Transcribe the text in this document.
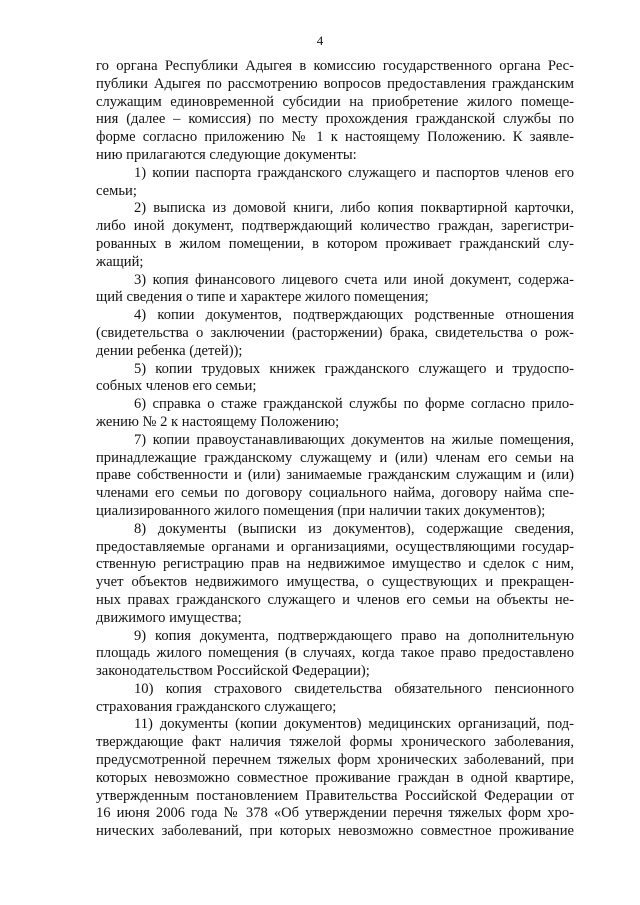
4
го органа Республики Адыгея в комиссию государственного органа Рес-
публики Адыгея по рассмотрению вопросов предоставления гражданским
служащим единовременной субсидии на приобретение жилого помеще-
ния (далее – комиссия) по месту прохождения гражданской службы по
форме согласно приложению № 1 к настоящему Положению. К заявле-
нию прилагаются следующие документы:
1) копии паспорта гражданского служащего и паспортов членов его
семьи;
2) выписка из домовой книги, либо копия поквартирной карточки,
либо иной документ, подтверждающий количество граждан, зарегистри-
рованных в жилом помещении, в котором проживает гражданский слу-
жащий;
3) копия финансового лицевого счета или иной документ, содержа-
щий сведения о типе и характере жилого помещения;
4) копии документов, подтверждающих родственные отношения
(свидетельства о заключении (расторжении) брака, свидетельства о рож-
дении ребенка (детей));
5) копии трудовых книжек гражданского служащего и трудоспо-
собных членов его семьи;
6) справка о стаже гражданской службы по форме согласно прило-
жению № 2 к настоящему Положению;
7) копии правоустанавливающих документов на жилые помещения,
принадлежащие гражданскому служащему и (или) членам его семьи на
праве собственности и (или) занимаемые гражданским служащим и (или)
членами его семьи по договору социального найма, договору найма спе-
циализированного жилого помещения (при наличии таких документов);
8) документы (выписки из документов), содержащие сведения,
предоставляемые органами и организациями, осуществляющими государ-
ственную регистрацию прав на недвижимое имущество и сделок с ним,
учет объектов недвижимого имущества, о существующих и прекращен-
ных правах гражданского служащего и членов его семьи на объекты не-
движимого имущества;
9) копия документа, подтверждающего право на дополнительную
площадь жилого помещения (в случаях, когда такое право предоставлено
законодательством Российской Федерации);
10) копия страхового свидетельства обязательного пенсионного
страхования гражданского служащего;
11) документы (копии документов) медицинских организаций, под-
тверждающие факт наличия тяжелой формы хронического заболевания,
предусмотренной перечнем тяжелых форм хронических заболеваний, при
которых невозможно совместное проживание граждан в одной квартире,
утвержденным постановлением Правительства Российской Федерации от
16 июня 2006 года № 378 «Об утверждении перечня тяжелых форм хро-
нических заболеваний, при которых невозможно совместное проживание
